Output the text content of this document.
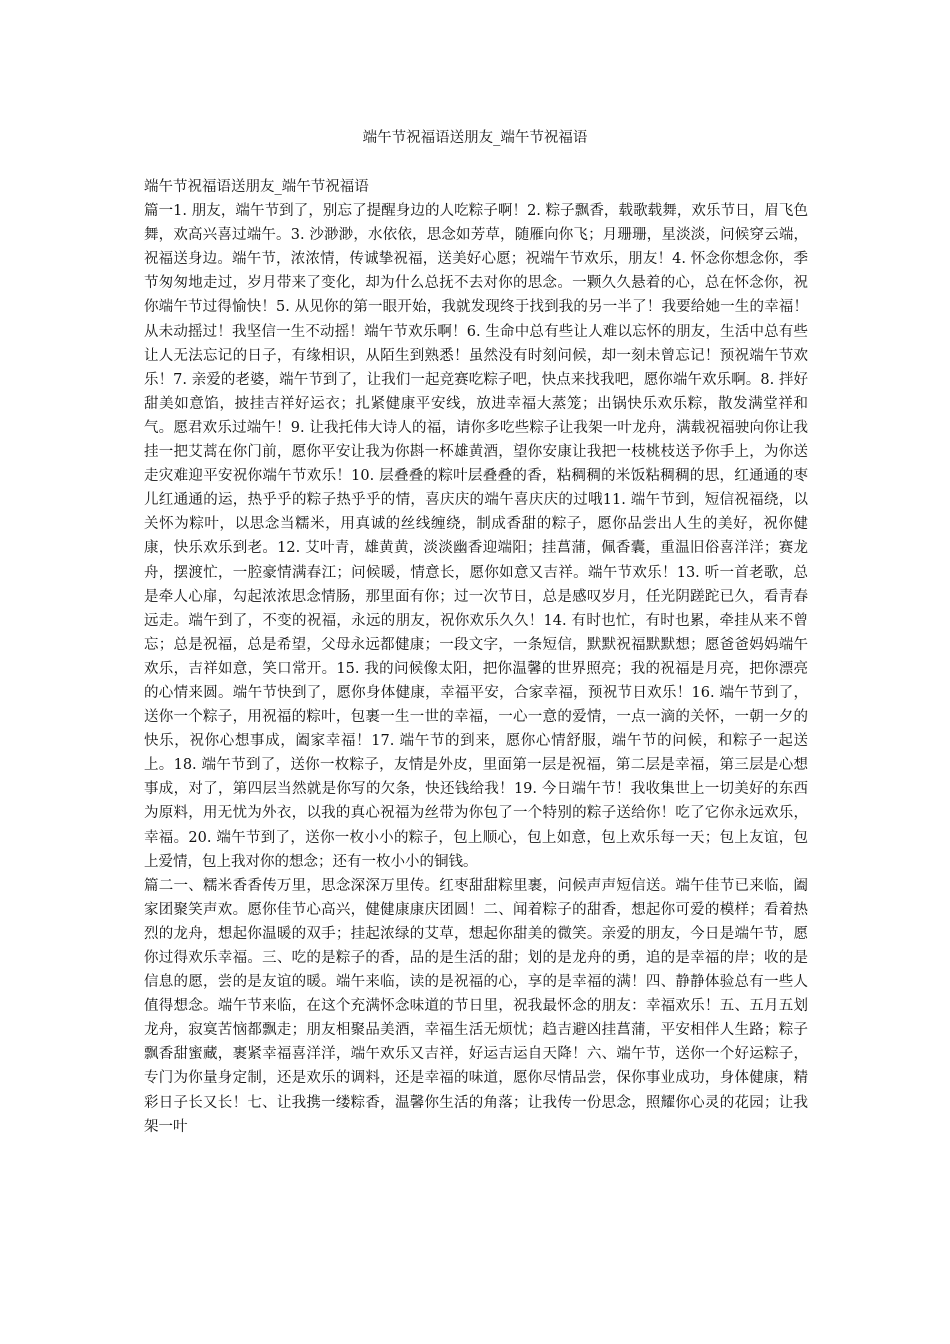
端午节祝福语送朋友_端午节祝福语

端午节祝福语送朋友_端午节祝福语

篇一1. 朋友，端午节到了，别忘了提醒身边的人吃粽子啊！2. 粽子飘香，载歌载舞，欢乐节日，眉飞色舞，欢高兴喜过端午。3. 沙渺渺，水依依，思念如芳草，随雁向你飞；月珊珊，星淡淡，问候穿云端，祝福送身边。端午节，浓浓情，传诚挚祝福，送美好心愿；祝端午节欢乐，朋友！4. 怀念你想念你，季节匆匆地走过，岁月带来了变化，却为什么总抚不去对你的思念。一颗久久悬着的心，总在怀念你，祝你端午节过得愉快！5. 从见你的第一眼开始，我就发现终于找到我的另一半了！我要给她一生的幸福！从未动摇过！我坚信一生不动摇！端午节欢乐啊！6. 生命中总有些让人难以忘怀的朋友，生活中总有些让人无法忘记的日子，有缘相识，从陌生到熟悉！虽然没有时刻问候，却一刻未曾忘记！预祝端午节欢乐！7. 亲爱的老婆，端午节到了，让我们一起竞赛吃粽子吧，快点来找我吧，愿你端午欢乐啊。8. 拌好甜美如意馅，披挂吉祥好运衣；扎紧健康平安线，放进幸福大蒸笼；出锅快乐欢乐粽，散发满堂祥和气。愿君欢乐过端午！9. 让我托伟大诗人的福，请你多吃些粽子让我架一叶龙舟，满载祝福驶向你让我挂一把艾蒿在你门前，愿你平安让我为你斟一杯雄黄酒，望你安康让我把一枝桃枝送予你手上，为你送走灾难迎平安祝你端午节欢乐！10. 层叠叠的粽叶层叠叠的香，粘稠稠的米饭粘稠稠的思，红通通的枣儿红通通的运，热乎乎的粽子热乎乎的情，喜庆庆的端午喜庆庆的过哦11. 端午节到，短信祝福绕，以关怀为粽叶，以思念当糯米，用真诚的丝线缠绕，制成香甜的粽子，愿你品尝出人生的美好，祝你健康，快乐欢乐到老。12. 艾叶青，雄黄黄，淡淡幽香迎端阳；挂菖蒲，佩香囊，重温旧俗喜洋洋；赛龙舟，摆渡忙，一腔豪情满春江；问候暖，情意长，愿你如意又吉祥。端午节欢乐！13. 听一首老歌，总是牵人心扉，勾起浓浓思念情肠，那里面有你；过一次节日，总是感叹岁月，任光阴蹉跎已久，看青春远走。端午到了，不变的祝福，永远的朋友，祝你欢乐久久！14. 有时也忙，有时也累，牵挂从来不曾忘；总是祝福，总是希望，父母永远都健康；一段文字，一条短信，默默祝福默默想；愿爸爸妈妈端午欢乐，吉祥如意，笑口常开。15. 我的问候像太阳，把你温馨的世界照亮；我的祝福是月亮，把你漂亮的心情来圆。端午节快到了，愿你身体健康，幸福平安，合家幸福，预祝节日欢乐！16. 端午节到了，送你一个粽子，用祝福的粽叶，包裹一生一世的幸福，一心一意的爱情，一点一滴的关怀，一朝一夕的快乐，祝你心想事成，阖家幸福！17. 端午节的到来，愿你心情舒服，端午节的问候，和粽子一起送上。18. 端午节到了，送你一枚粽子，友情是外皮，里面第一层是祝福，第二层是幸福，第三层是心想事成，对了，第四层当然就是你写的欠条，快还钱给我！19. 今日端午节！我收集世上一切美好的东西为原料，用无忧为外衣，以我的真心祝福为丝带为你包了一个特别的粽子送给你！吃了它你永远欢乐，幸福。20. 端午节到了，送你一枚小小的粽子，包上顺心，包上如意，包上欢乐每一天；包上友谊，包上爱情，包上我对你的想念；还有一枚小小的铜钱。

篇二一、糯米香香传万里，思念深深万里传。红枣甜甜粽里裹，问候声声短信送。端午佳节已来临，阖家团聚笑声欢。愿你佳节心高兴，健健康康庆团圆！二、闻着粽子的甜香，想起你可爱的模样；看着热烈的龙舟，想起你温暖的双手；挂起浓绿的艾草，想起你甜美的微笑。亲爱的朋友，今日是端午节，愿你过得欢乐幸福。三、吃的是粽子的香，品的是生活的甜；划的是龙舟的勇，追的是幸福的岸；收的是信息的愿，尝的是友谊的暖。端午来临，读的是祝福的心，享的是幸福的满！四、静静体验总有一些人值得想念。端午节来临，在这个充满怀念味道的节日里，祝我最怀念的朋友：幸福欢乐！五、五月五划龙舟，寂寞苦恼都飘走；朋友相聚品美酒，幸福生活无烦忧；趋吉避凶挂菖蒲，平安相伴人生路；粽子飘香甜蜜藏，裹紧幸福喜洋洋，端午欢乐又吉祥，好运吉运自天降！六、端午节，送你一个好运粽子，专门为你量身定制，还是欢乐的调料，还是幸福的味道，愿你尽情品尝，保你事业成功，身体健康，精彩日子长又长！七、让我携一缕粽香，温馨你生活的角落；让我传一份思念，照耀你心灵的花园；让我架一叶
